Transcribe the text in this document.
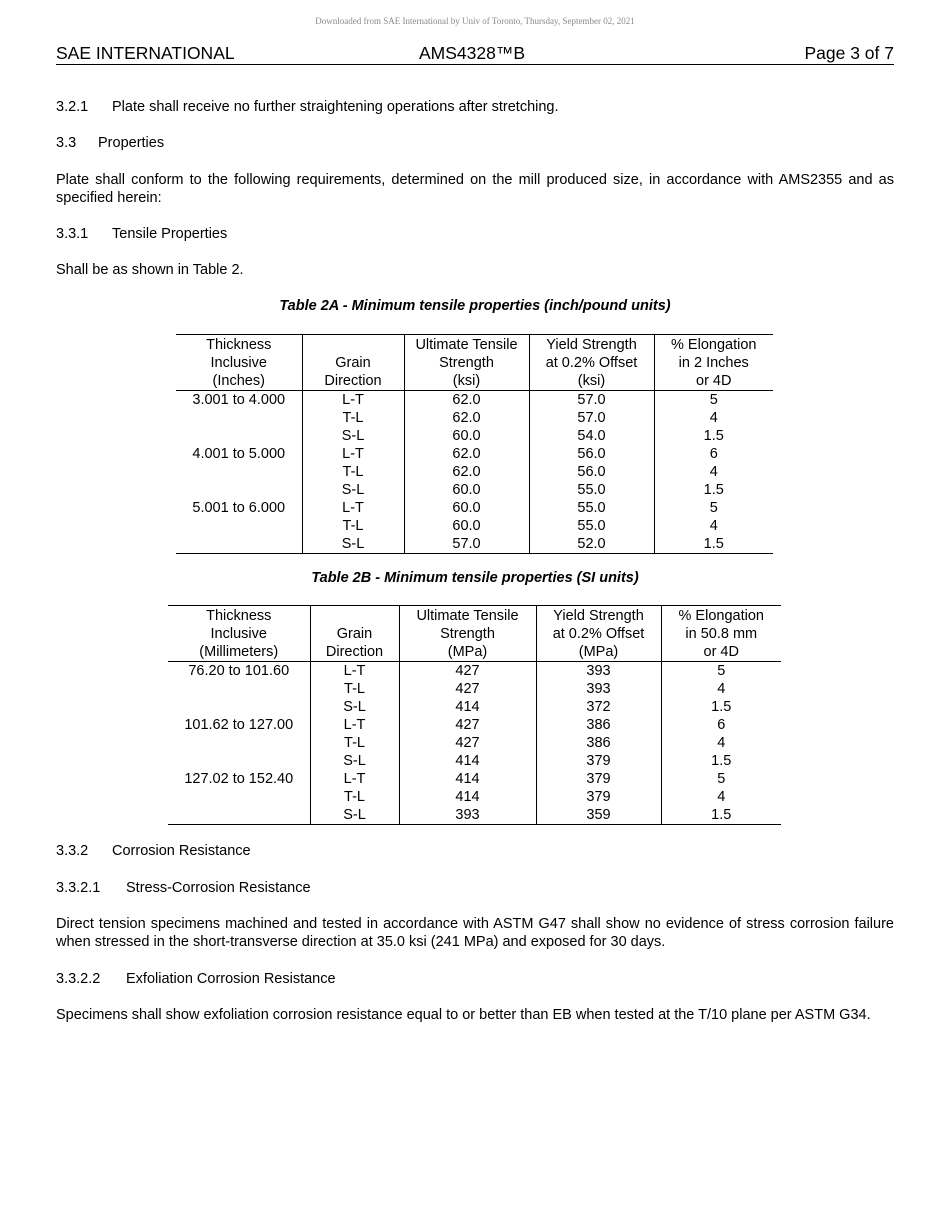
Downloaded from SAE International by Univ of Toronto, Thursday, September 02, 2021
SAE INTERNATIONAL	AMS4328™B	Page 3 of 7
3.2.1 Plate shall receive no further straightening operations after stretching.
3.3 Properties
Plate shall conform to the following requirements, determined on the mill produced size, in accordance with AMS2355 and as specified herein:
3.3.1 Tensile Properties
Shall be as shown in Table 2.
Table 2A - Minimum tensile properties (inch/pound units)
Thickness		Ultimate Tensile	Yield Strength	% Elongation
Inclusive	Grain	Strength	at 0.2% Offset	in 2 Inches
(Inches)	Direction	(ksi)	(ksi)	or 4D
3.001 to 4.000	L-T	62.0	57.0	5
	T-L	62.0	57.0	4
	S-L	60.0	54.0	1.5
4.001 to 5.000	L-T	62.0	56.0	6
	T-L	62.0	56.0	4
	S-L	60.0	55.0	1.5
5.001 to 6.000	L-T	60.0	55.0	5
	T-L	60.0	55.0	4
	S-L	57.0	52.0	1.5
Table 2B - Minimum tensile properties (SI units)
Thickness		Ultimate Tensile	Yield Strength	% Elongation
Inclusive	Grain	Strength	at 0.2% Offset	in 50.8 mm
(Millimeters)	Direction	(MPa)	(MPa)	or 4D
76.20 to 101.60	L-T	427	393	5
	T-L	427	393	4
	S-L	414	372	1.5
101.62 to 127.00	L-T	427	386	6
	T-L	427	386	4
	S-L	414	379	1.5
127.02 to 152.40	L-T	414	379	5
	T-L	414	379	4
	S-L	393	359	1.5
3.3.2 Corrosion Resistance
3.3.2.1 Stress-Corrosion Resistance
Direct tension specimens machined and tested in accordance with ASTM G47 shall show no evidence of stress corrosion failure when stressed in the short-transverse direction at 35.0 ksi (241 MPa) and exposed for 30 days.
3.3.2.2 Exfoliation Corrosion Resistance
Specimens shall show exfoliation corrosion resistance equal to or better than EB when tested at the T/10 plane per ASTM G34.
